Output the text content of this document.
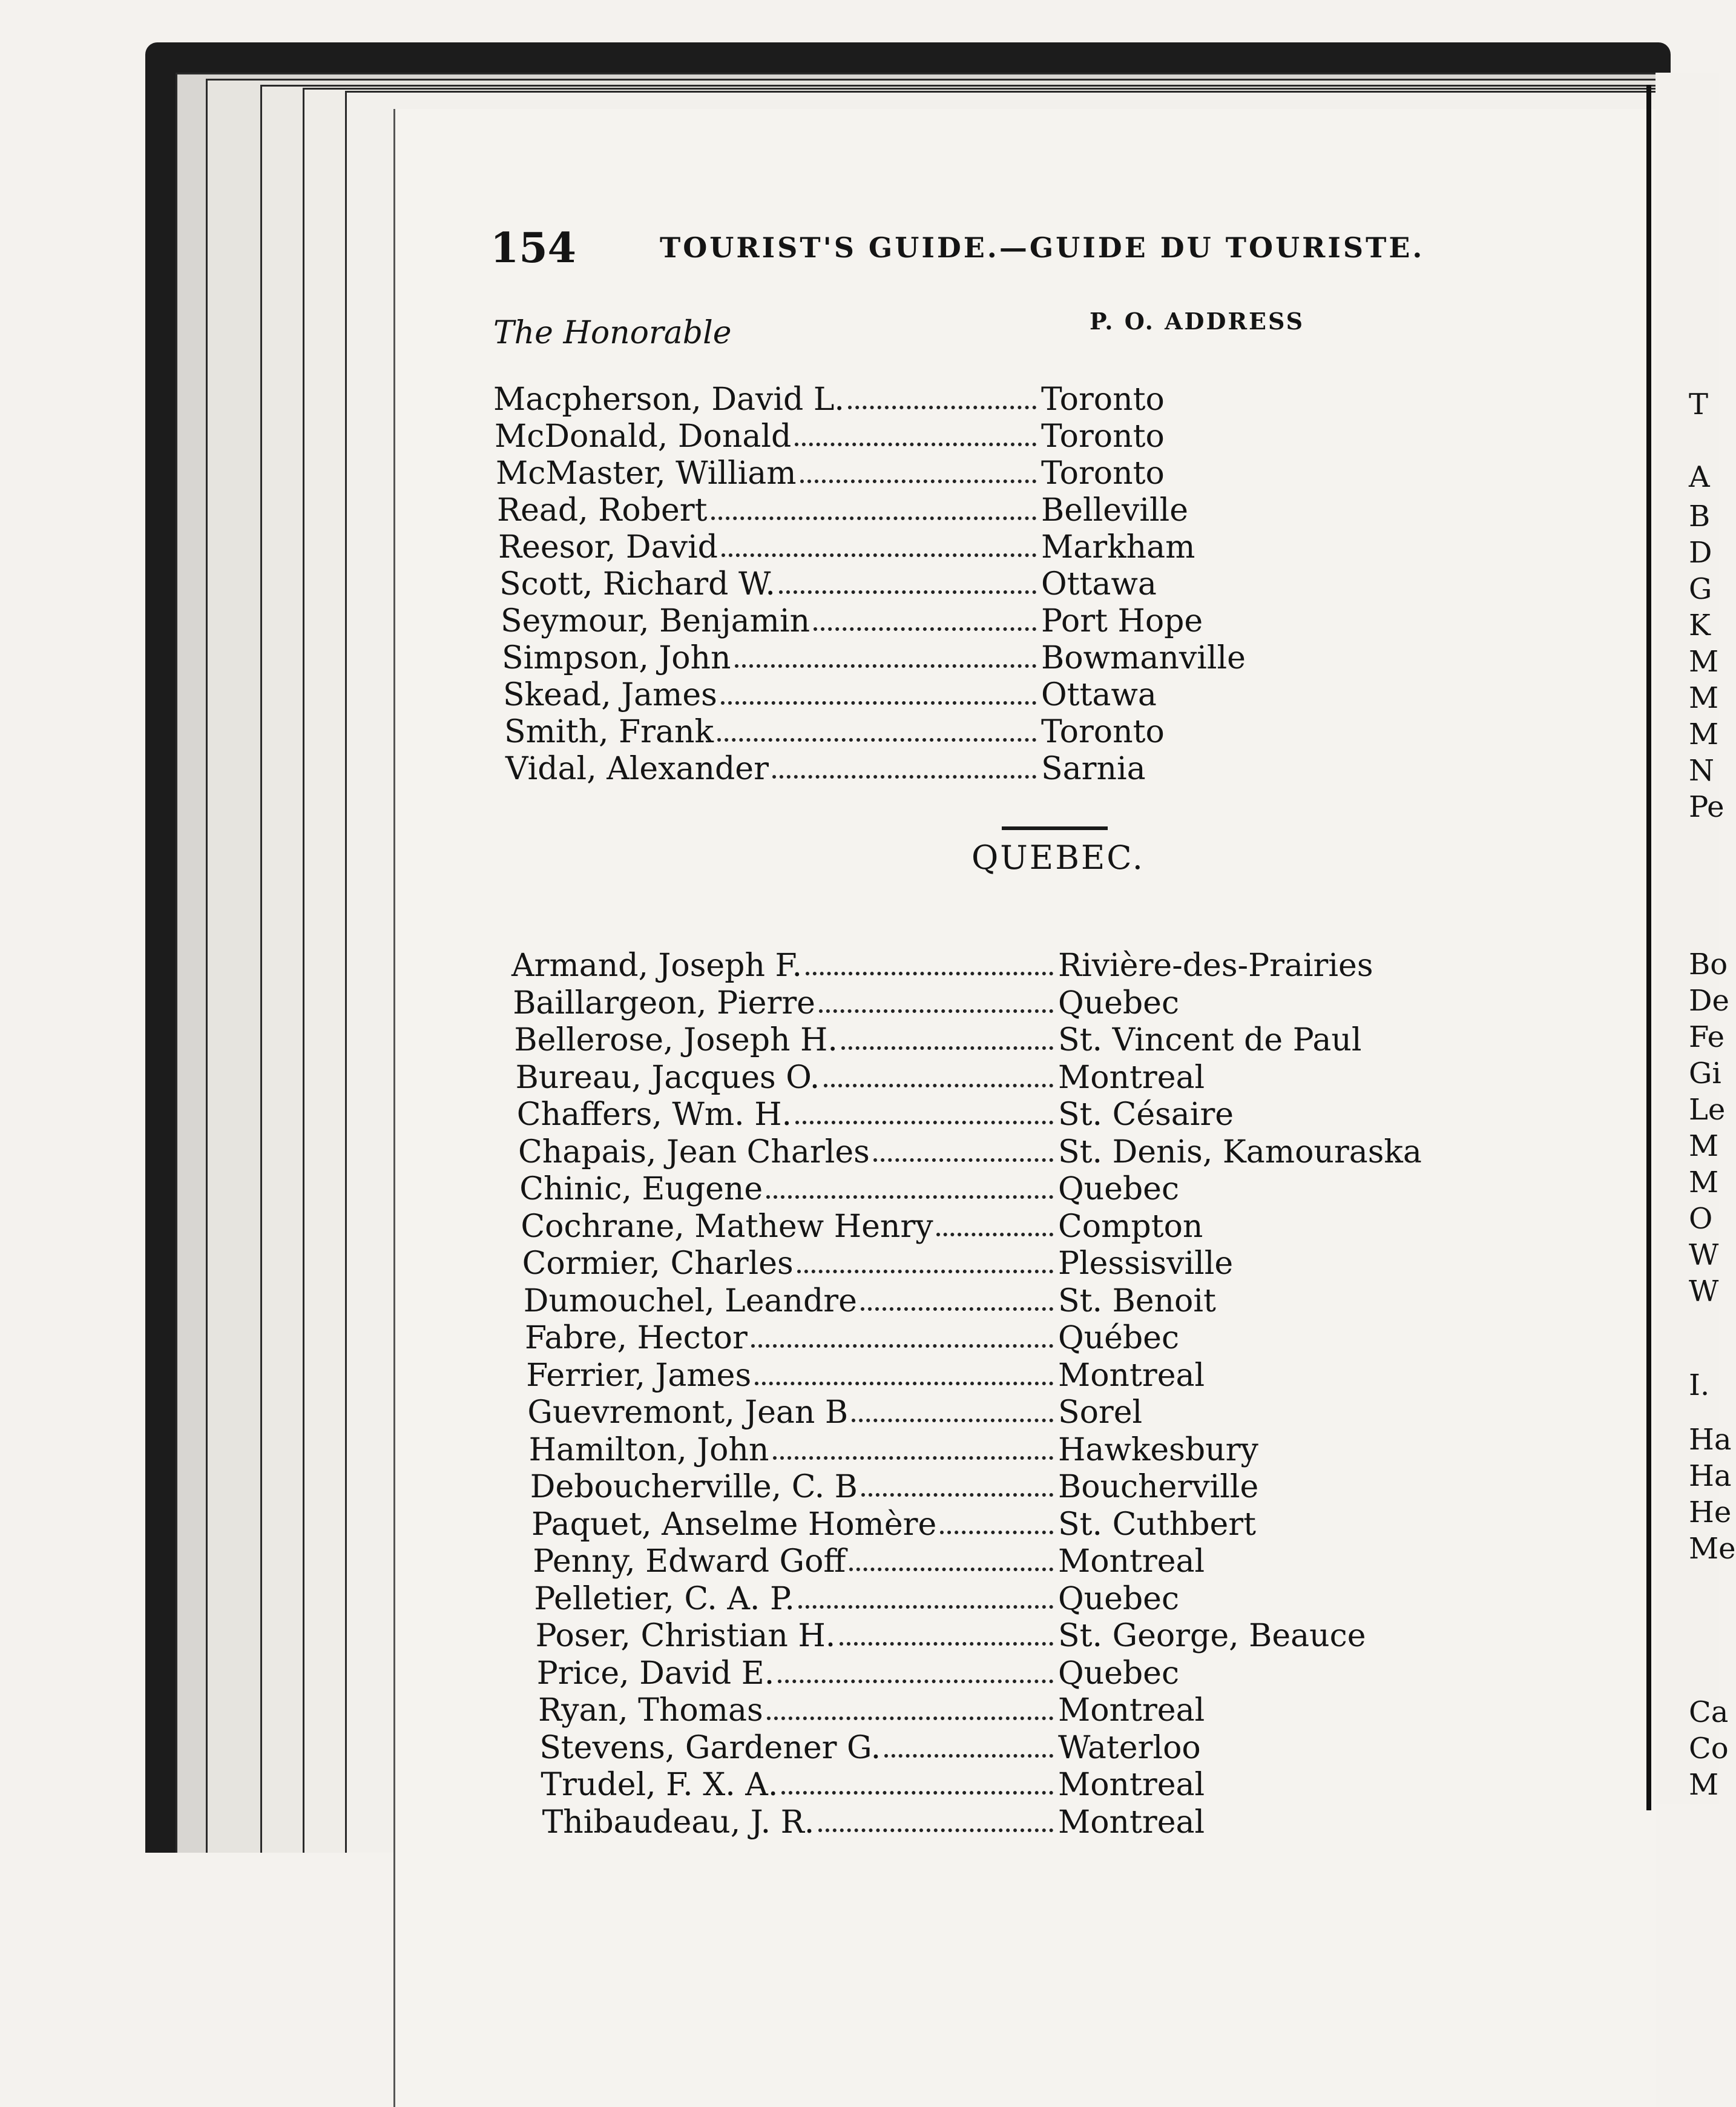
154	TOURIST'S GUIDE.—GUIDE DU TOURISTE.
The Honorable	P. O. ADDRESS
Macpherson, David L.	Toronto
McDonald, Donald	Toronto
McMaster, William	Toronto
Read, Robert	Belleville
Reesor, David	Markham
Scott, Richard W.	Ottawa
Seymour, Benjamin	Port Hope
Simpson, John	Bowmanville
Skead, James	Ottawa
Smith, Frank	Toronto
Vidal, Alexander	Sarnia
QUEBEC.
Armand, Joseph F.	Rivière-des-Prairies
Baillargeon, Pierre	Quebec
Bellerose, Joseph H.	St. Vincent de Paul
Bureau, Jacques O.	Montreal
Chaffers, Wm. H.	St. Césaire
Chapais, Jean Charles	St. Denis, Kamouraska
Chinic, Eugene	Quebec
Cochrane, Mathew Henry	Compton
Cormier, Charles	Plessisville
Dumouchel, Leandre	St. Benoit
Fabre, Hector	Québec
Ferrier, James	Montreal
Guevremont, Jean B	Sorel
Hamilton, John	Hawkesbury
Deboucherville, C. B	Boucherville
Paquet, Anselme Homère	St. Cuthbert
Penny, Edward Goff	Montreal
Pelletier, C. A. P.	Quebec
Poser, Christian H.	St. George, Beauce
Price, David E.	Quebec
Ryan, Thomas	Montreal
Stevens, Gardener G.	Waterloo
Trudel, F. X. A.	Montreal
Thibaudeau, J. R.	Montreal
T
A
B
D
G
K
M
M
M
N
Pe
Bo
De
Fe
Gi
Le
M
M
O
W
W
I.
Ha
Ha
He
Me
Ca
Co
M
